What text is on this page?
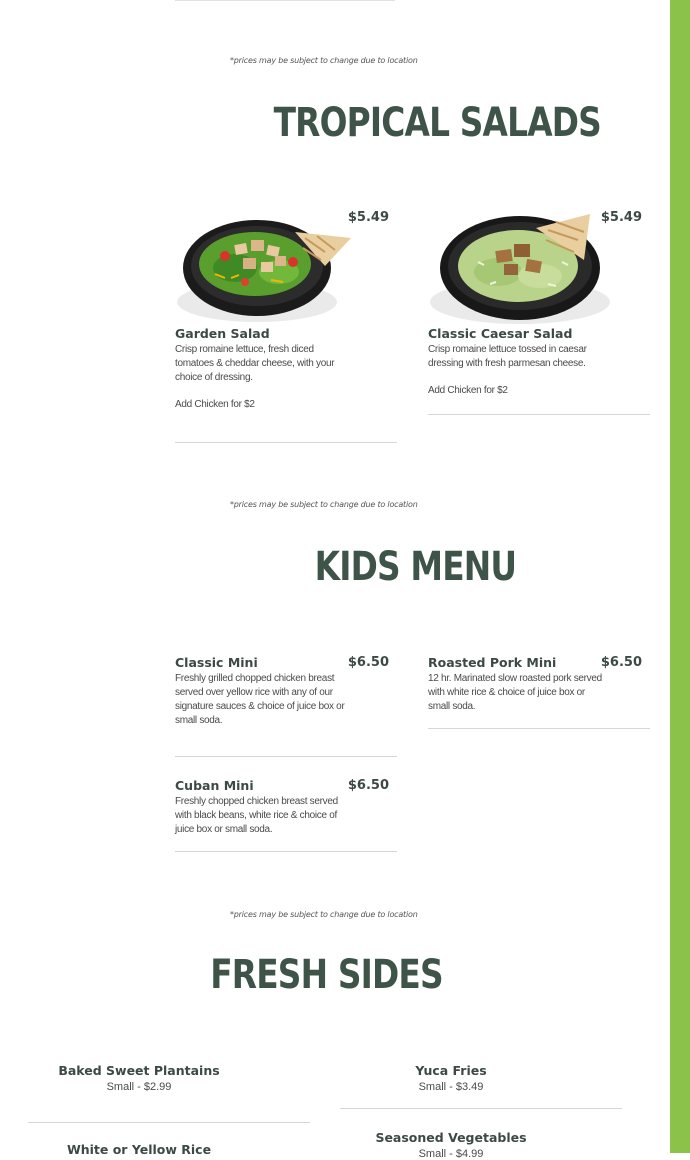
*prices may be subject to change due to location
TROPICAL SALADS
$5.49
Garden Salad
Crisp romaine lettuce, fresh diced tomatoes & cheddar cheese, with your choice of dressing.
Add Chicken for $2
$5.49
Classic Caesar Salad
Crisp romaine lettuce tossed in caesar dressing with fresh parmesan cheese.
Add Chicken for $2
*prices may be subject to change due to location
KIDS MENU
Classic Mini	$6.50
Freshly grilled chopped chicken breast served over yellow rice with any of our signature sauces & choice of juice box or small soda.
Roasted Pork Mini	$6.50
12 hr. Marinated slow roasted pork served with white rice & choice of juice box or small soda.
Cuban Mini	$6.50
Freshly chopped chicken breast served with black beans, white rice & choice of juice box or small soda.
*prices may be subject to change due to location
FRESH SIDES
Baked Sweet Plantains
Small - $2.99
Yuca Fries
Small - $3.49
Seasoned Vegetables
Small - $4.99
White or Yellow Rice
